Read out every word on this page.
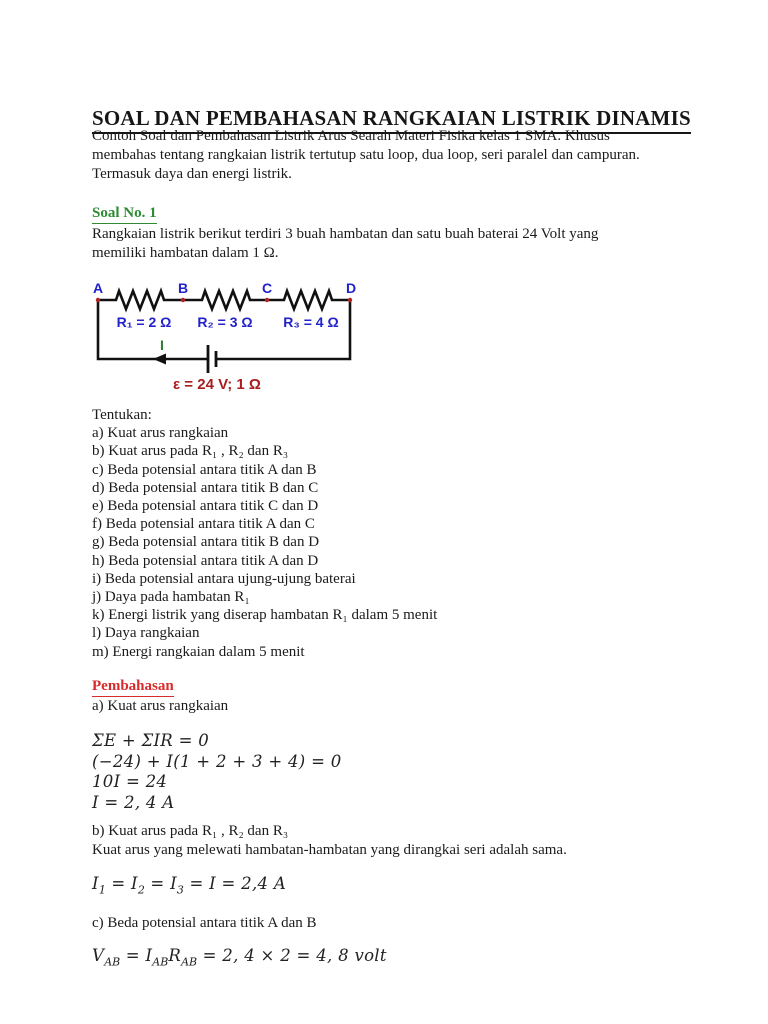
SOAL DAN PEMBAHASAN RANGKAIAN LISTRIK DINAMIS
Contoh Soal dan Pembahasan Listrik Arus Searah Materi Fisika kelas 1 SMA. Khusus
membahas tentang rangkaian listrik tertutup satu loop, dua loop, seri paralel dan campuran.
Termasuk daya dan energi listrik.
Soal No. 1
Rangkaian listrik berikut terdiri 3 buah hambatan dan satu buah baterai 24 Volt yang
memiliki hambatan dalam 1 Ω.
A	B	C	D
R₁ = 2 Ω R₂ = 3 Ω R₃ = 4 Ω
I
ε = 24 V; 1 Ω
Tentukan:
a) Kuat arus rangkaian
b) Kuat arus pada R₁ , R₂ dan R₃
c) Beda potensial antara titik A dan B
d) Beda potensial antara titik B dan C
e) Beda potensial antara titik C dan D
f) Beda potensial antara titik A dan C
g) Beda potensial antara titik B dan D
h) Beda potensial antara titik A dan D
i) Beda potensial antara ujung-ujung baterai
j) Daya pada hambatan R₁
k) Energi listrik yang diserap hambatan R₁ dalam 5 menit
l) Daya rangkaian
m) Energi rangkaian dalam 5 menit
Pembahasan
a) Kuat arus rangkaian
ΣE + ΣIR = 0
(−24) + I(1 + 2 + 3 + 4) = 0
10I = 24
I = 2, 4 A
b) Kuat arus pada R₁ , R₂ dan R₃
Kuat arus yang melewati hambatan-hambatan yang dirangkai seri adalah sama.
$I_1 = I_2 = I_3 = I = 2,4$ A
c) Beda potensial antara titik A dan B
$V_{AB} = I_{AB}R_{AB} = 2$, 4 × 2 = 4, 8 volt
